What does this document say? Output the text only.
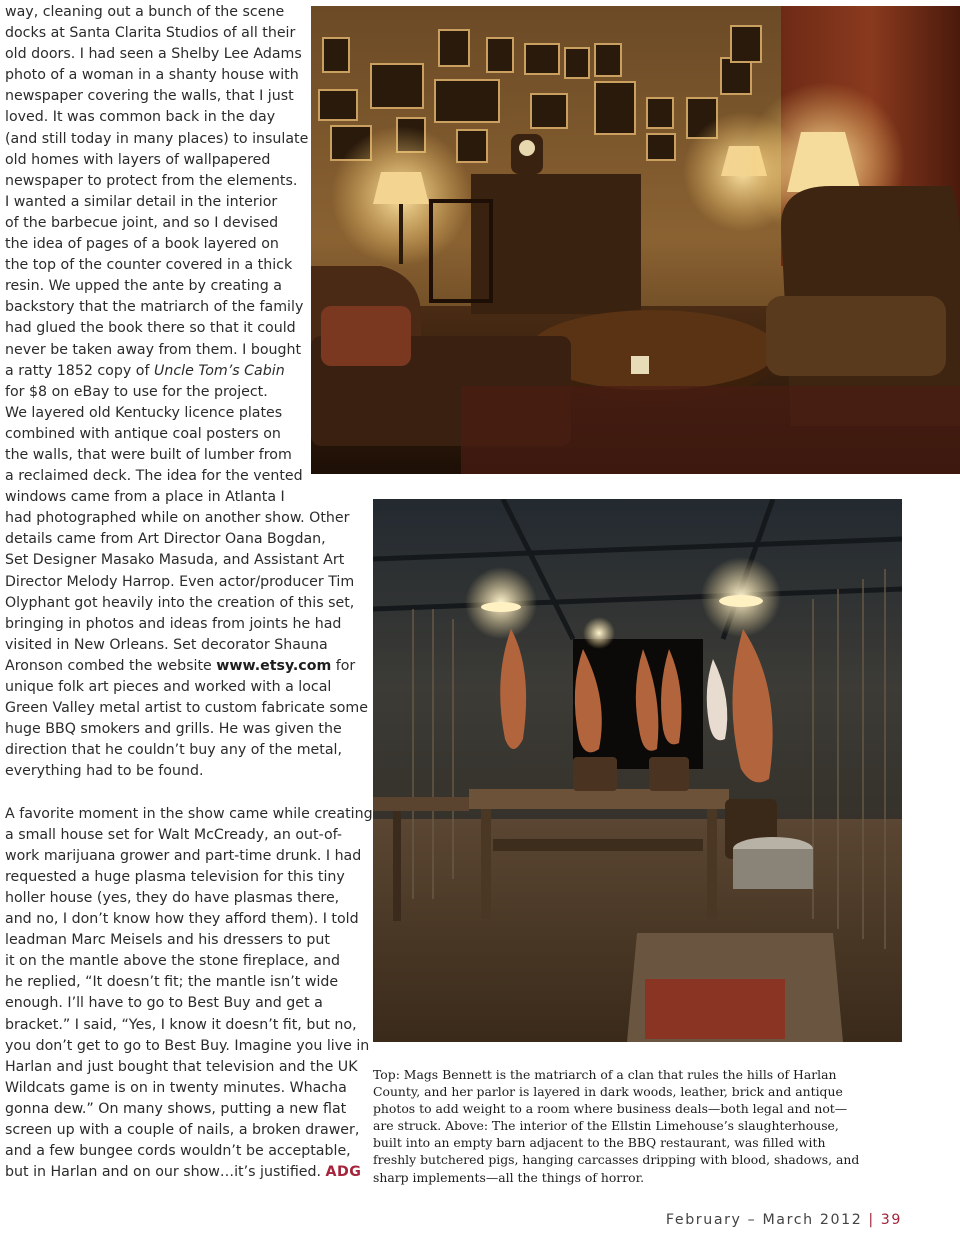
way, cleaning out a bunch of the scene
docks at Santa Clarita Studios of all their
old doors. I had seen a Shelby Lee Adams
photo of a woman in a shanty house with
newspaper covering the walls, that I just
loved. It was common back in the day
(and still today in many places) to insulate
old homes with layers of wallpapered
newspaper to protect from the elements.
I wanted a similar detail in the interior
of the barbecue joint, and so I devised
the idea of pages of a book layered on
the top of the counter covered in a thick
resin. We upped the ante by creating a
backstory that the matriarch of the family
had glued the book there so that it could
never be taken away from them. I bought
a ratty 1852 copy of Uncle Tom’s Cabin
for $8 on eBay to use for the project.
We layered old Kentucky licence plates
combined with antique coal posters on
the walls, that were built of lumber from
a reclaimed deck. The idea for the vented
windows came from a place in Atlanta I
had photographed while on another show. Other
details came from Art Director Oana Bogdan,
Set Designer Masako Masuda, and Assistant Art
Director Melody Harrop. Even actor/producer Tim
Olyphant got heavily into the creation of this set,
bringing in photos and ideas from joints he had
visited in New Orleans. Set decorator Shauna
Aronson combed the website www.etsy.com for
unique folk art pieces and worked with a local
Green Valley metal artist to custom fabricate some
huge BBQ smokers and grills. He was given the
direction that he couldn’t buy any of the metal,
everything had to be found.
A favorite moment in the show came while creating
a small house set for Walt McCready, an out-of-
work marijuana grower and part-time drunk. I had
requested a huge plasma television for this tiny
holler house (yes, they do have plasmas there,
and no, I don’t know how they afford them). I told
leadman Marc Meisels and his dressers to put
it on the mantle above the stone fireplace, and
he replied, “It doesn’t fit; the mantle isn’t wide
enough. I’ll have to go to Best Buy and get a
bracket.” I said, “Yes, I know it doesn’t fit, but no,
you don’t get to go to Best Buy. Imagine you live in
Harlan and just bought that television and the UK
Wildcats game is on in twenty minutes. Whacha
gonna dew.” On many shows, putting a new flat
screen up with a couple of nails, a broken drawer,
and a few bungee cords wouldn’t be acceptable,
but in Harlan and on our show…it’s justified. ADG
Top: Mags Bennett is the matriarch of a clan that rules the hills of Harlan
County, and her parlor is layered in dark woods, leather, brick and antique
photos to add weight to a room where business deals—both legal and not—
are struck. Above: The interior of the Ellstin Limehouse’s slaughterhouse,
built into an empty barn adjacent to the BBQ restaurant, was filled with
freshly butchered pigs, hanging carcasses dripping with blood, shadows, and
sharp implements—all the things of horror.
February – March 2012 | 39
